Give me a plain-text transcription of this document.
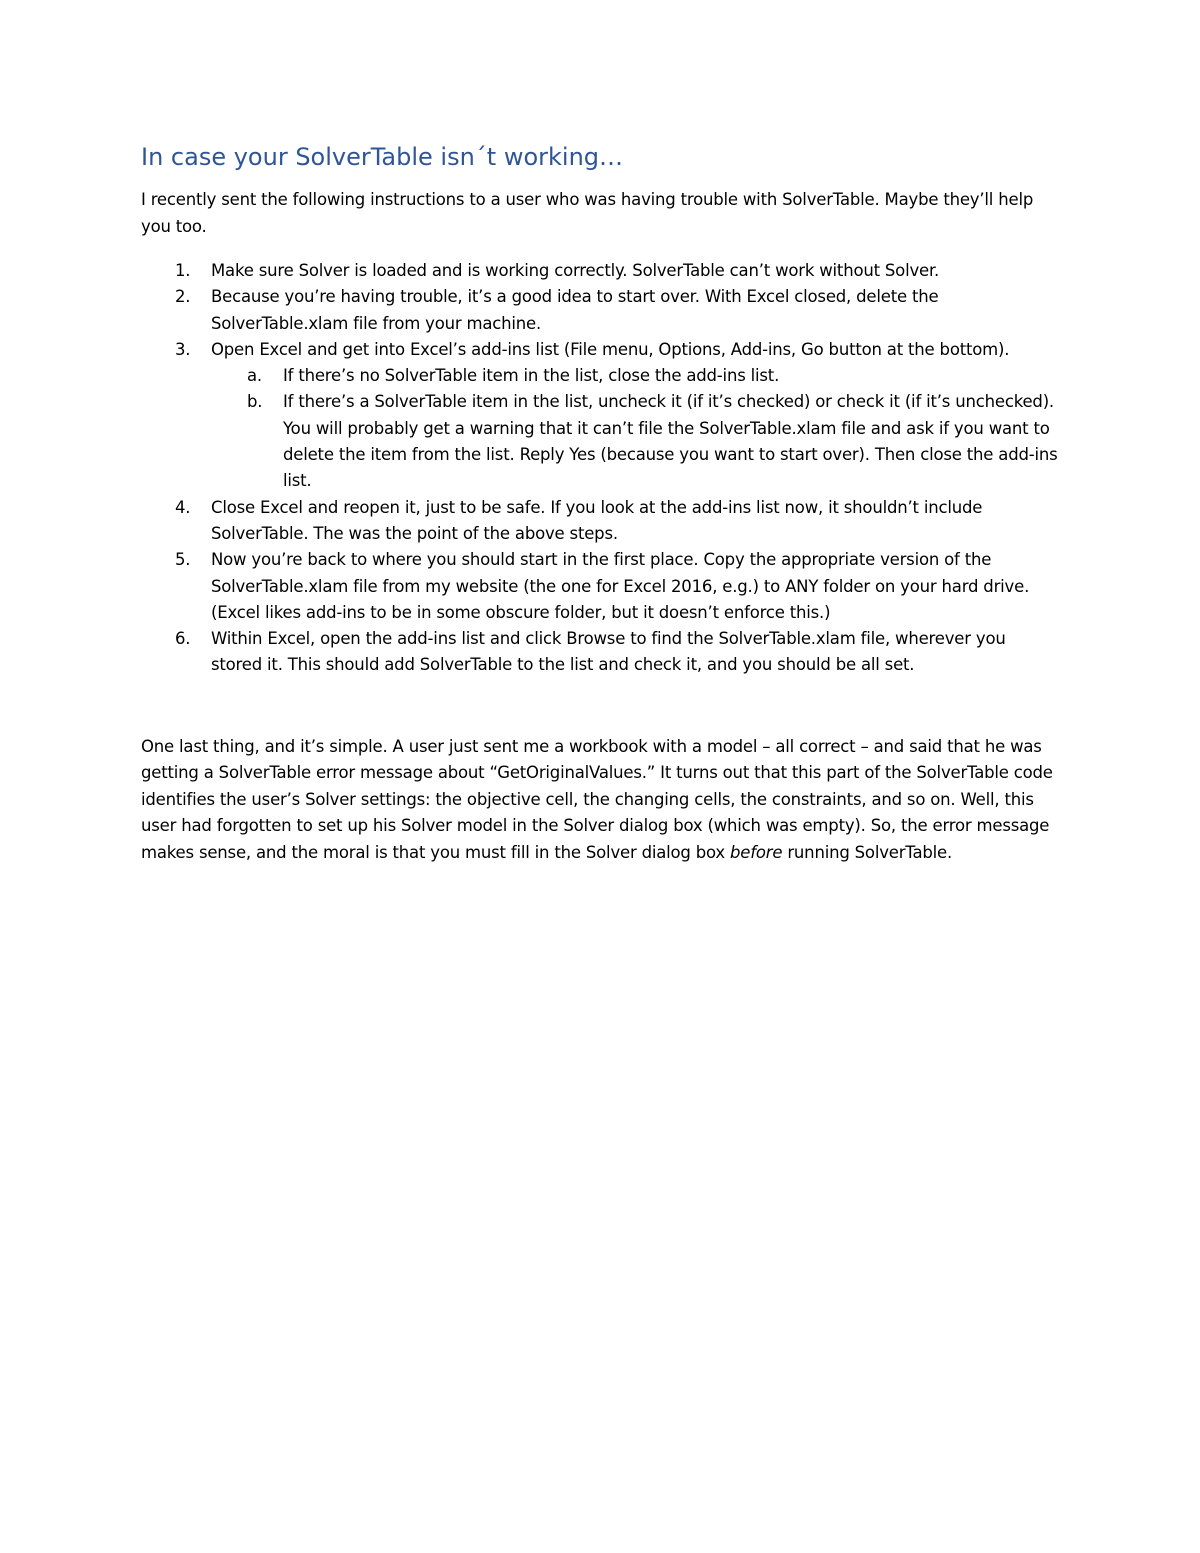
In case your SolverTable isn´t working…

I recently sent the following instructions to a user who was having trouble with SolverTable. Maybe they’ll help you too.

1. Make sure Solver is loaded and is working correctly. SolverTable can’t work without Solver.
2. Because you’re having trouble, it’s a good idea to start over. With Excel closed, delete the SolverTable.xlam file from your machine.
3. Open Excel and get into Excel’s add-ins list (File menu, Options, Add-ins, Go button at the bottom).
a. If there’s no SolverTable item in the list, close the add-ins list.
b. If there’s a SolverTable item in the list, uncheck it (if it’s checked) or check it (if it’s unchecked). You will probably get a warning that it can’t file the SolverTable.xlam file and ask if you want to delete the item from the list. Reply Yes (because you want to start over). Then close the add-ins list.
4. Close Excel and reopen it, just to be safe. If you look at the add-ins list now, it shouldn’t include SolverTable. The was the point of the above steps.
5. Now you’re back to where you should start in the first place. Copy the appropriate version of the SolverTable.xlam file from my website (the one for Excel 2016, e.g.) to ANY folder on your hard drive. (Excel likes add-ins to be in some obscure folder, but it doesn’t enforce this.)
6. Within Excel, open the add-ins list and click Browse to find the SolverTable.xlam file, wherever you stored it. This should add SolverTable to the list and check it, and you should be all set.

One last thing, and it’s simple. A user just sent me a workbook with a model – all correct – and said that he was getting a SolverTable error message about “GetOriginalValues.” It turns out that this part of the SolverTable code identifies the user’s Solver settings: the objective cell, the changing cells, the constraints, and so on. Well, this user had forgotten to set up his Solver model in the Solver dialog box (which was empty). So, the error message makes sense, and the moral is that you must fill in the Solver dialog box before running SolverTable.
